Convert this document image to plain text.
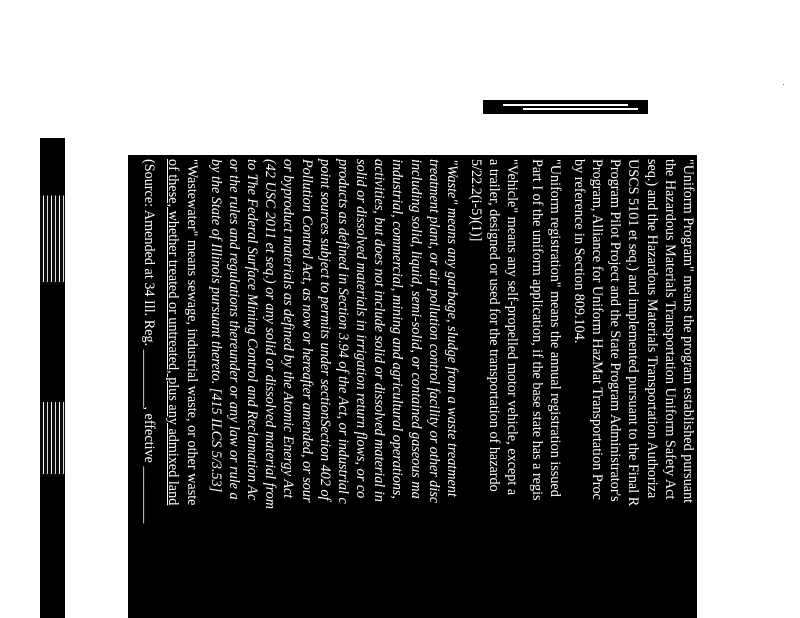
"Uniform Program" means the program established pursuant
the Hazardous Materials Transportation Uniform Safety Act
seq.) and the Hazardous Materials Transportation Authoriza
USCS 5101 et seq.) and implemented pursuant to the Final R
Program Pilot Project and the State Program Administrator's
Program, Alliance for Uniform HazMat Transportation Proc
by reference in Section 809.104.
"Uniform registration" means the annual registration issued
Part I of the uniform application, if the base state has a regis
"Vehicle" means any self-propelled motor vehicle, except a
a trailer, designed or used for the transportation of hazardo
5/22.2(i-5)(1)]
"Waste" means any garbage, sludge from a waste treatment
treatment plant, or air pollution control facility or other disc
including solid, liquid, semi-solid, or contained gaseous ma
industrial, commercial, mining and agricultural operations,
activities, but does not include solid or dissolved material in
solid or dissolved materials in irrigation return flows, or co
products as defined in Section 3.94 of the Act, or industrial c
point sources subject to permits under sectionSection 402 of
Pollution Control Act, as now or hereafter amended, or sour
or byproduct materials as defined by the Atomic Energy Act
(42 USC 2011 et seq.) or any solid or dissolved material from
to The Federal Surface Mining Control and Reclamation Ac
or the rules and regulations thereunder or any law or rule a
by the State of Illinois pursuant thereto. [415 ILCS 5/3.53]
"Wastewater" means sewage, industrial waste, or other waste
of these, whether treated or untreated, plus any admixed land
(Source: Amended at 34 Ill. Reg. ________, effective ________
